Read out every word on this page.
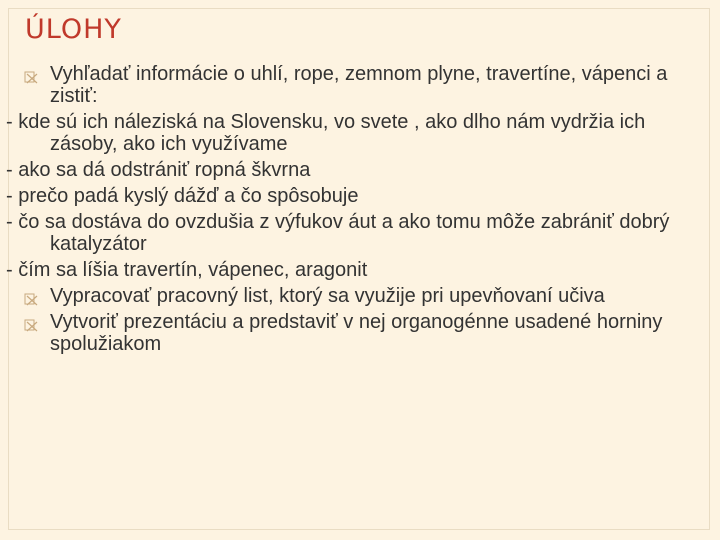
ÚLOHY
Vyhľadať informácie o uhlí, rope, zemnom plyne, travertíne, vápenci a zistiť:
- kde sú ich náleziská na Slovensku, vo svete , ako dlho nám vydržia ich zásoby, ako ich využívame
- ako sa dá odstrániť ropná škvrna
- prečo padá kyslý dážď a čo spôsobuje
- čo sa dostáva do ovzdušia z výfukov áut a ako tomu môže zabrániť dobrý katalyzátor
- čím sa líšia travertín, vápenec, aragonit
Vypracovať pracovný list, ktorý sa využije pri upevňovaní učiva
Vytvoriť prezentáciu a predstaviť v nej organogénne usadené horniny spolužiakom
